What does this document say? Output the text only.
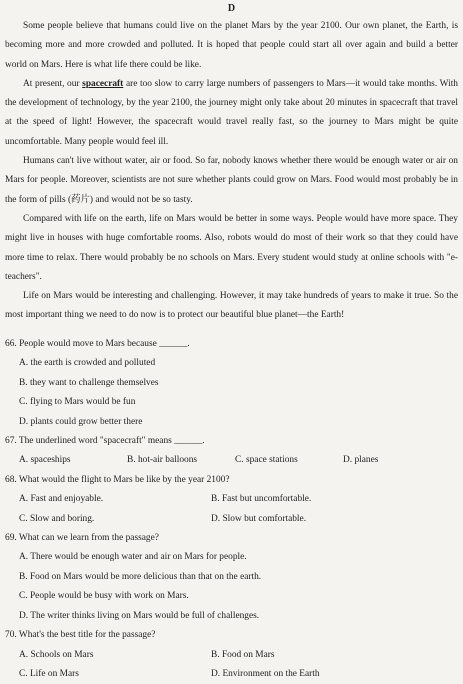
D

Some people believe that humans could live on the planet Mars by the year 2100. Our own planet, the Earth, is becoming more and more crowded and polluted. It is hoped that people could start all over again and build a better world on Mars. Here is what life there could be like.

At present, our spacecraft are too slow to carry large numbers of passengers to Mars—it would take months. With the development of technology, by the year 2100, the journey might only take about 20 minutes in spacecraft that travel at the speed of light! However, the spacecraft would travel really fast, so the journey to Mars might be quite uncomfortable. Many people would feel ill.

Humans can't live without water, air or food. So far, nobody knows whether there would be enough water or air on Mars for people. Moreover, scientists are not sure whether plants could grow on Mars. Food would most probably be in the form of pills (药片) and would not be so tasty.

Compared with life on the earth, life on Mars would be better in some ways. People would have more space. They might live in houses with huge comfortable rooms. Also, robots would do most of their work so that they could have more time to relax. There would probably be no schools on Mars. Every student would study at online schools with "e-teachers".

Life on Mars would be interesting and challenging. However, it may take hundreds of years to make it true. So the most important thing we need to do now is to protect our beautiful blue planet—the Earth!

66. People would move to Mars because ______.
A. the earth is crowded and polluted
B. they want to challenge themselves
C. flying to Mars would be fun
D. plants could grow better there
67. The underlined word "spacecraft" means ______.
A. spaceships	B. hot-air balloons	C. space stations	D. planes
68. What would the flight to Mars be like by the year 2100?
A. Fast and enjoyable.	B. Fast but uncomfortable.
C. Slow and boring.	D. Slow but comfortable.
69. What can we learn from the passage?
A. There would be enough water and air on Mars for people.
B. Food on Mars would be more delicious than that on the earth.
C. People would be busy with work on Mars.
D. The writer thinks living on Mars would be full of challenges.
70. What's the best title for the passage?
A. Schools on Mars	B. Food on Mars
C. Life on Mars	D. Environment on the Earth
